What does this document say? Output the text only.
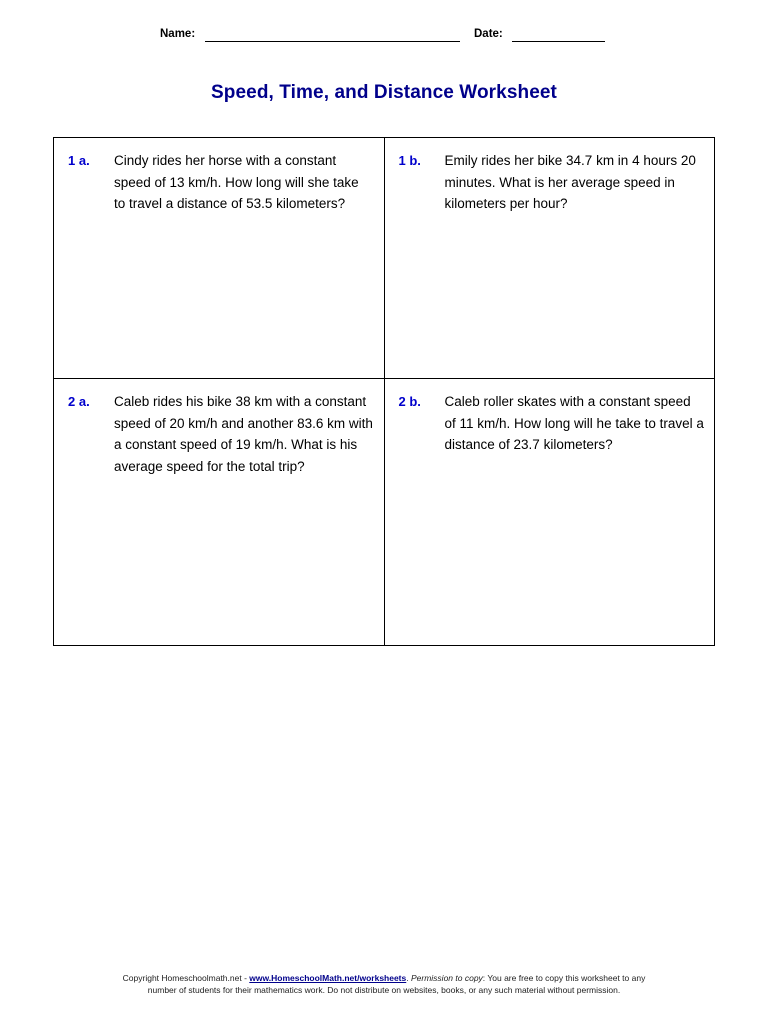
Name:	Date:
Speed, Time, and Distance Worksheet
1 a. Cindy rides her horse with a constant speed of 13 km/h. How long will she take to travel a distance of 53.5 kilometers?	1 b. Emily rides her bike 34.7 km in 4 hours 20 minutes. What is her average speed in kilometers per hour?

2 a. Caleb rides his bike 38 km with a constant speed of 20 km/h and another 83.6 km with a constant speed of 19 km/h. What is his average speed for the total trip?	2 b. Caleb roller skates with a constant speed of 11 km/h. How long will he take to travel a distance of 23.7 kilometers?
Copyright Homeschoolmath.net - www.HomeschoolMath.net/worksheets. Permission to copy: You are free to copy this worksheet to any
number of students for their mathematics work. Do not distribute on websites, books, or any such material without permission.
